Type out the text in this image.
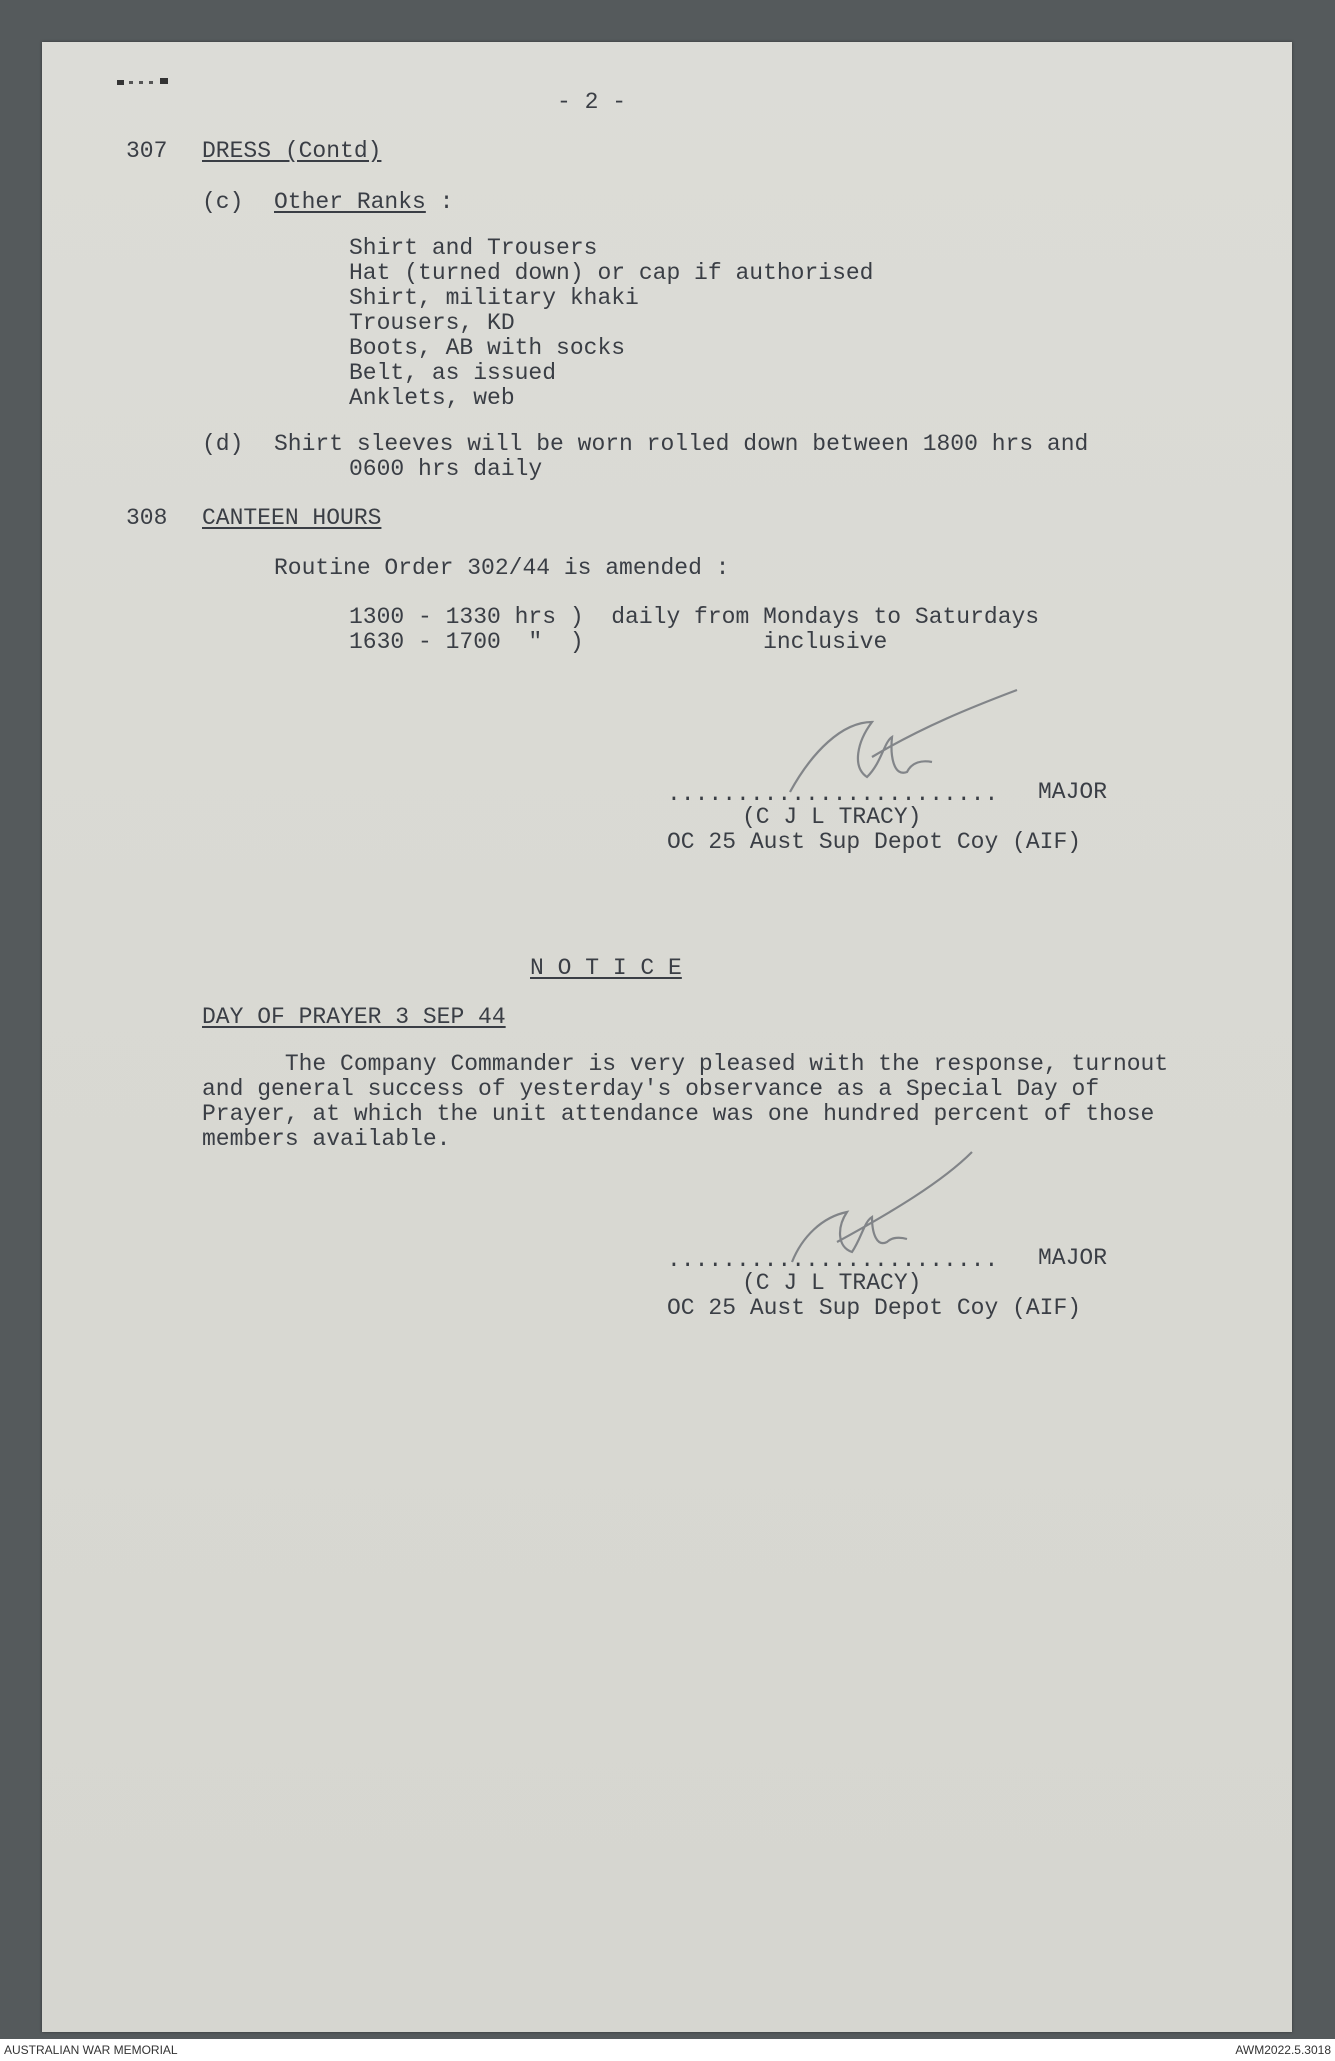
- 2 -
307 DRESS (Contd)
(c) Other Ranks :
Shirt and Trousers
Hat (turned down) or cap if authorised
Shirt, military khaki
Trousers, KD
Boots, AB with socks
Belt, as issued
Anklets, web
(d) Shirt sleeves will be worn rolled down between 1800 hrs and
0600 hrs daily
308 CANTEEN HOURS
Routine Order 302/44 is amended :
1300 - 1330 hrs )  daily from Mondays to Saturdays
1630 - 1700  "  )             inclusive
........................ MAJOR
(C J L TRACY)
OC 25 Aust Sup Depot Coy (AIF)
N O T I C E
DAY OF PRAYER 3 SEP 44
The Company Commander is very pleased with the response, turnout
and general success of yesterday's observance as a Special Day of
Prayer, at which the unit attendance was one hundred percent of those
members available.
........................ MAJOR
(C J L TRACY)
OC 25 Aust Sup Depot Coy (AIF)
AUSTRALIAN WAR MEMORIAL	AWM2022.5.3018
